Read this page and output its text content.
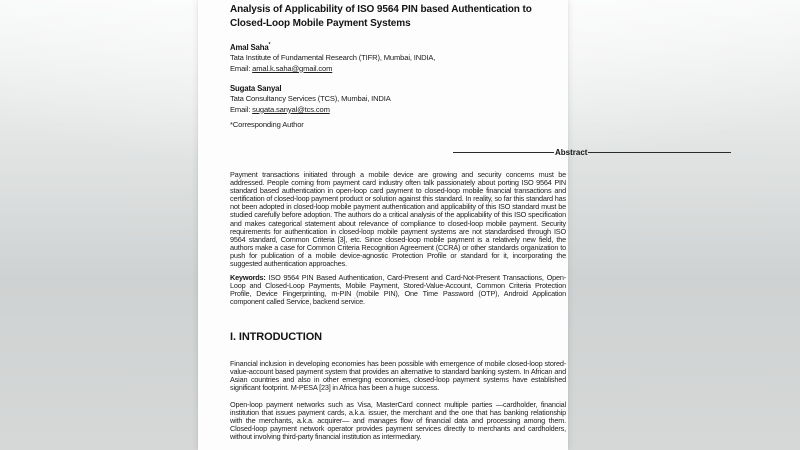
Analysis of Applicability of ISO 9564 PIN based Authentication to
Closed-Loop Mobile Payment Systems
Amal Saha*
Tata Institute of Fundamental Research (TIFR), Mumbai, INDIA,
Email: amal.k.saha@gmail.com
Sugata Sanyal
Tata Consultancy Services (TCS), Mumbai, INDIA
Email: sugata.sanyal@tcs.com
*Corresponding Author
Abstract
Payment transactions initiated through a mobile device are growing and security concerns must be addressed. People coming from payment card industry often talk passionately about porting ISO 9564 PIN standard based authentication in open-loop card payment to closed-loop mobile financial transactions and certification of closed-loop payment product or solution against this standard. In reality, so far this standard has not been adopted in closed-loop mobile payment authentication and applicability of this ISO standard must be studied carefully before adoption. The authors do a critical analysis of the applicability of this ISO specification and makes categorical statement about relevance of compliance to closed-loop mobile payment. Security requirements for authentication in closed-loop mobile payment systems are not standardised through ISO 9564 standard, Common Criteria [3], etc. Since closed-loop mobile payment is a relatively new field, the authors make a case for Common Criteria Recognition Agreement (CCRA) or other standards organization to push for publication of a mobile device-agnostic Protection Profile or standard for it, incorporating the suggested authentication approaches.
Keywords: ISO 9564 PIN Based Authentication, Card-Present and Card-Not-Present Transactions, Open-Loop and Closed-Loop Payments, Mobile Payment, Stored-Value-Account, Common Criteria Protection Profile, Device Fingerprinting, m-PIN (mobile PIN), One Time Password (OTP), Android Application component called Service, backend service.
I. INTRODUCTION
Financial inclusion in developing economies has been possible with emergence of mobile closed-loop stored-value-account based payment system that provides an alternative to standard banking system. In African and Asian countries and also in other emerging economies, closed-loop payment systems have established significant footprint. M-PESA [23] in Africa has been a huge success.
Open-loop payment networks such as Visa, MasterCard connect multiple parties —cardholder, financial institution that issues payment cards, a.k.a. issuer, the merchant and the one that has banking relationship with the merchants, a.k.a. acquirer— and manages flow of financial data and processing among them. Closed-loop payment network operator provides payment services directly to merchants and cardholders, without involving third-party financial institution as intermediary.
